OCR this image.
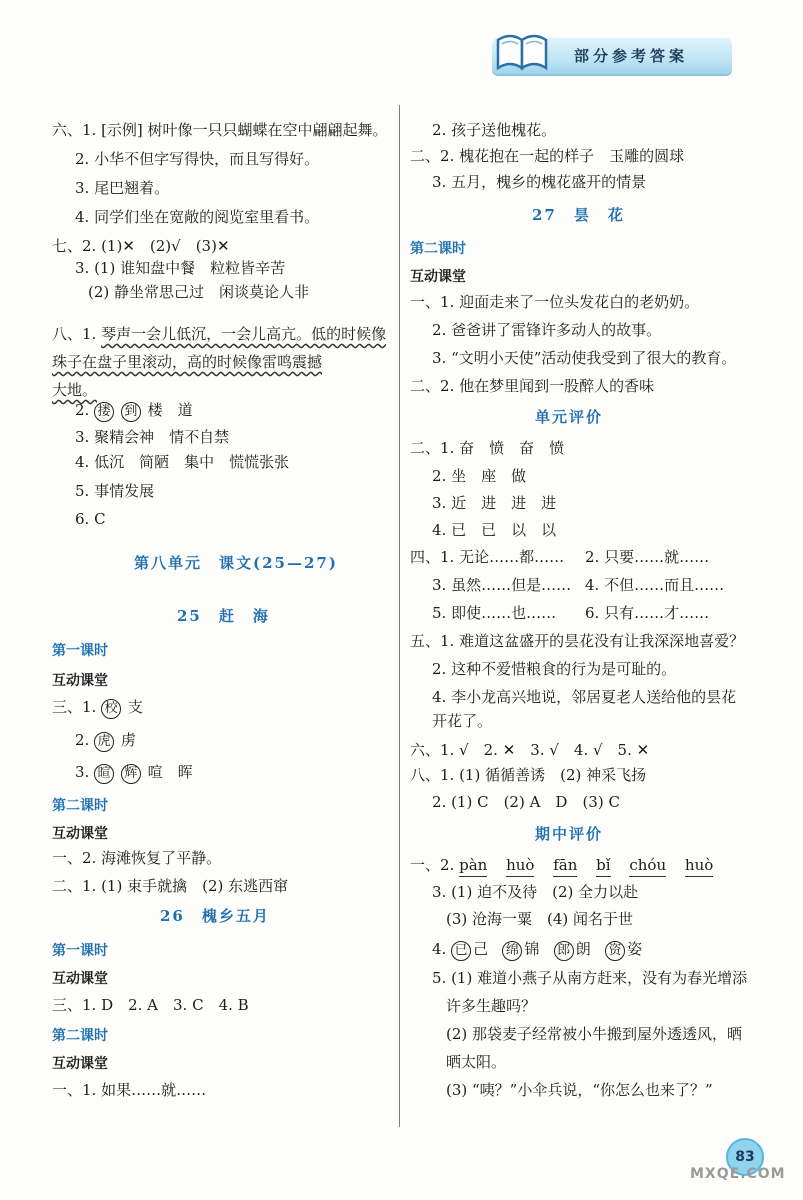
部分参考答案
六、1. [示例] 树叶像一只只蝴蝶在空中翩翩起舞。
2. 小华不但字写得快，而且写得好。
3. 尾巴翘着。
4. 同学们坐在宽敞的阅览室里看书。
七、2. (1)✕　(2)√　(3)✕
3. (1) 谁知盘中餐　粒粒皆辛苦
(2) 静坐常思己过　闲谈莫论人非
八、1. 琴声一会儿低沉，一会儿高亢。低的时候像
珠子在盘子里滚动，高的时候像雷鸣震撼
大地。
2. 搂 到 楼　道
3. 聚精会神　情不自禁
4. 低沉　简陋　集中　慌慌张张
5. 事情发展
6. C
第八单元　课文(25—27)
25　赶　海
第一课时
互动课堂
三、1. 校 支
2. 虎 虏
3. 暄 辉 喧　晖
第二课时
互动课堂
一、2. 海滩恢复了平静。
二、1. (1) 束手就擒　(2) 东逃西窜
26　槐乡五月
第一课时
互动课堂
三、1. D　2. A　3. C　4. B
第二课时
互动课堂
一、1. 如果……就……
2. 孩子送他槐花。
二、2. 槐花抱在一起的样子　玉雕的圆球
3. 五月，槐乡的槐花盛开的情景
27　昙　花
第二课时
互动课堂
一、1. 迎面走来了一位头发花白的老奶奶。
2. 爸爸讲了雷锋许多动人的故事。
3. “文明小天使”活动使我受到了很大的教育。
二、2. 他在梦里闻到一股醉人的香味
单元评价
二、1. 奋　愤　奋　愤
2. 坐　座　做
3. 近　进　进　进
4. 已　已　以　以
四、1. 无论……都…… 2. 只要……就……
3. 虽然……但是…… 4. 不但……而且……
5. 即使……也…… 6. 只有……才……
五、1. 难道这盆盛开的昙花没有让我深深地喜爱？
2. 这种不爱惜粮食的行为是可耻的。
4. 李小龙高兴地说，邻居夏老人送给他的昙花
开花了。
六、1. √　2. ✕　3. √　4. √　5. ✕
八、1. (1) 循循善诱　(2) 神采飞扬
2. (1) C　(2) A　D　(3) C
期中评价
一、2. pàn huò fān bǐ chóu huò
3. (1) 迫不及待　(2) 全力以赴
(3) 沧海一粟　(4) 闻名于世
4. 已 己 绵 锦 郎 朗 资 姿
5. (1) 难道小燕子从南方赶来，没有为春光增添
许多生趣吗？
(2) 那袋麦子经常被小牛搬到屋外透透风，晒
晒太阳。
(3) “咦？”小伞兵说，“你怎么也来了？”
83
MXQE.COM
